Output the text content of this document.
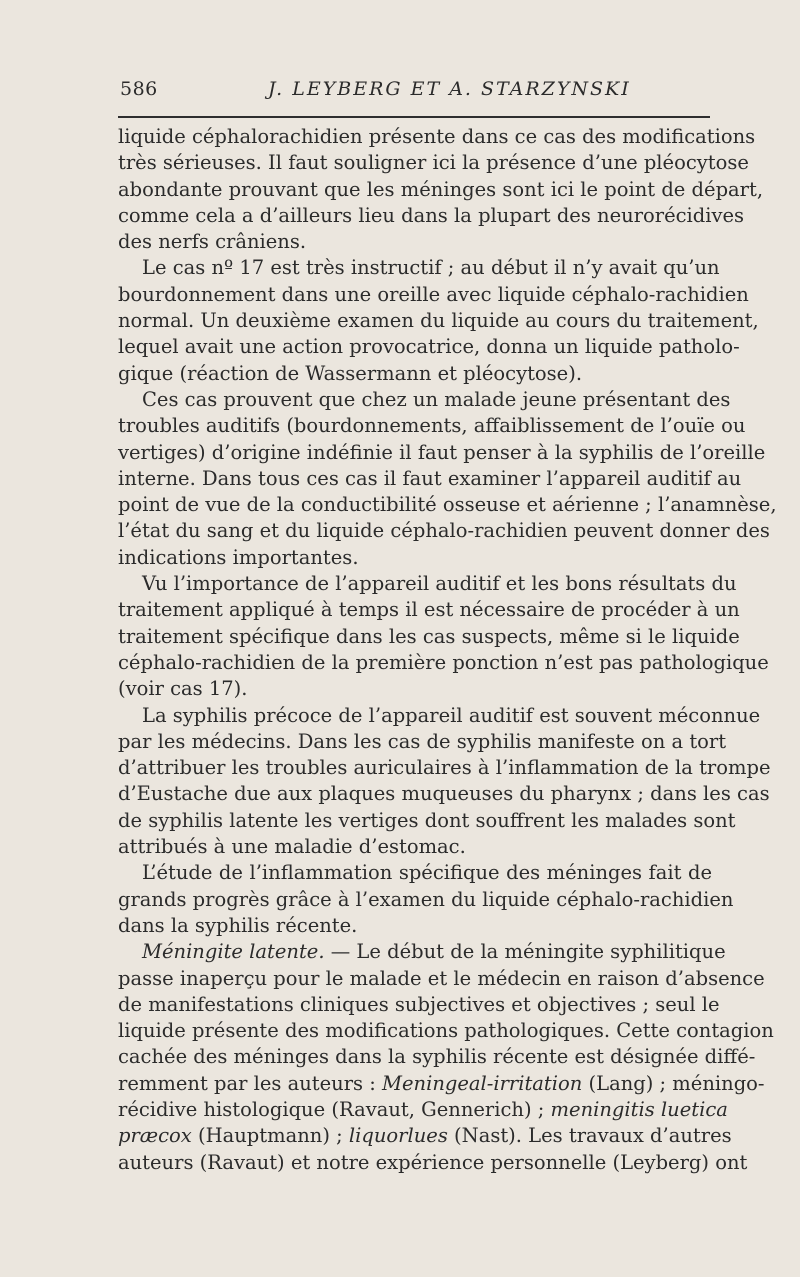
586	J. LEYBERG ET A. STARZYNSKI
liquide céphalorachidien présente dans ce cas des modifications
très sérieuses. Il faut souligner ici la présence d’une pléocytose
abondante prouvant que les méninges sont ici le point de départ,
comme cela a d’ailleurs lieu dans la plupart des neurorécidives
des nerfs crâniens.
Le cas nº 17 est très instructif ; au début il n’y avait qu’un
bourdonnement dans une oreille avec liquide céphalo-rachidien
normal. Un deuxième examen du liquide au cours du traitement,
lequel avait une action provocatrice, donna un liquide patholo-
gique (réaction de Wassermann et pléocytose).
Ces cas prouvent que chez un malade jeune présentant des
troubles auditifs (bourdonnements, affaiblissement de l’ouïe ou
vertiges) d’origine indéfinie il faut penser à la syphilis de l’oreille
interne. Dans tous ces cas il faut examiner l’appareil auditif au
point de vue de la conductibilité osseuse et aérienne ; l’anamnèse,
l’état du sang et du liquide céphalo-rachidien peuvent donner des
indications importantes.
Vu l’importance de l’appareil auditif et les bons résultats du
traitement appliqué à temps il est nécessaire de procéder à un
traitement spécifique dans les cas suspects, même si le liquide
céphalo-rachidien de la première ponction n’est pas pathologique
(voir cas 17).
La syphilis précoce de l’appareil auditif est souvent méconnue
par les médecins. Dans les cas de syphilis manifeste on a tort
d’attribuer les troubles auriculaires à l’inflammation de la trompe
d’Eustache due aux plaques muqueuses du pharynx ; dans les cas
de syphilis latente les vertiges dont souffrent les malades sont
attribués à une maladie d’estomac.
L’étude de l’inflammation spécifique des méninges fait de
grands progrès grâce à l’examen du liquide céphalo-rachidien
dans la syphilis récente.
Méningite latente. — Le début de la méningite syphilitique
passe inaperçu pour le malade et le médecin en raison d’absence
de manifestations cliniques subjectives et objectives ; seul le
liquide présente des modifications pathologiques. Cette contagion
cachée des méninges dans la syphilis récente est désignée diffé-
remment par les auteurs : Meningeal-irritation (Lang) ; méningo-
récidive histologique (Ravaut, Gennerich) ; meningitis luetica
præcox (Hauptmann) ; liquorlues (Nast). Les travaux d’autres
auteurs (Ravaut) et notre expérience personnelle (Leyberg) ont
